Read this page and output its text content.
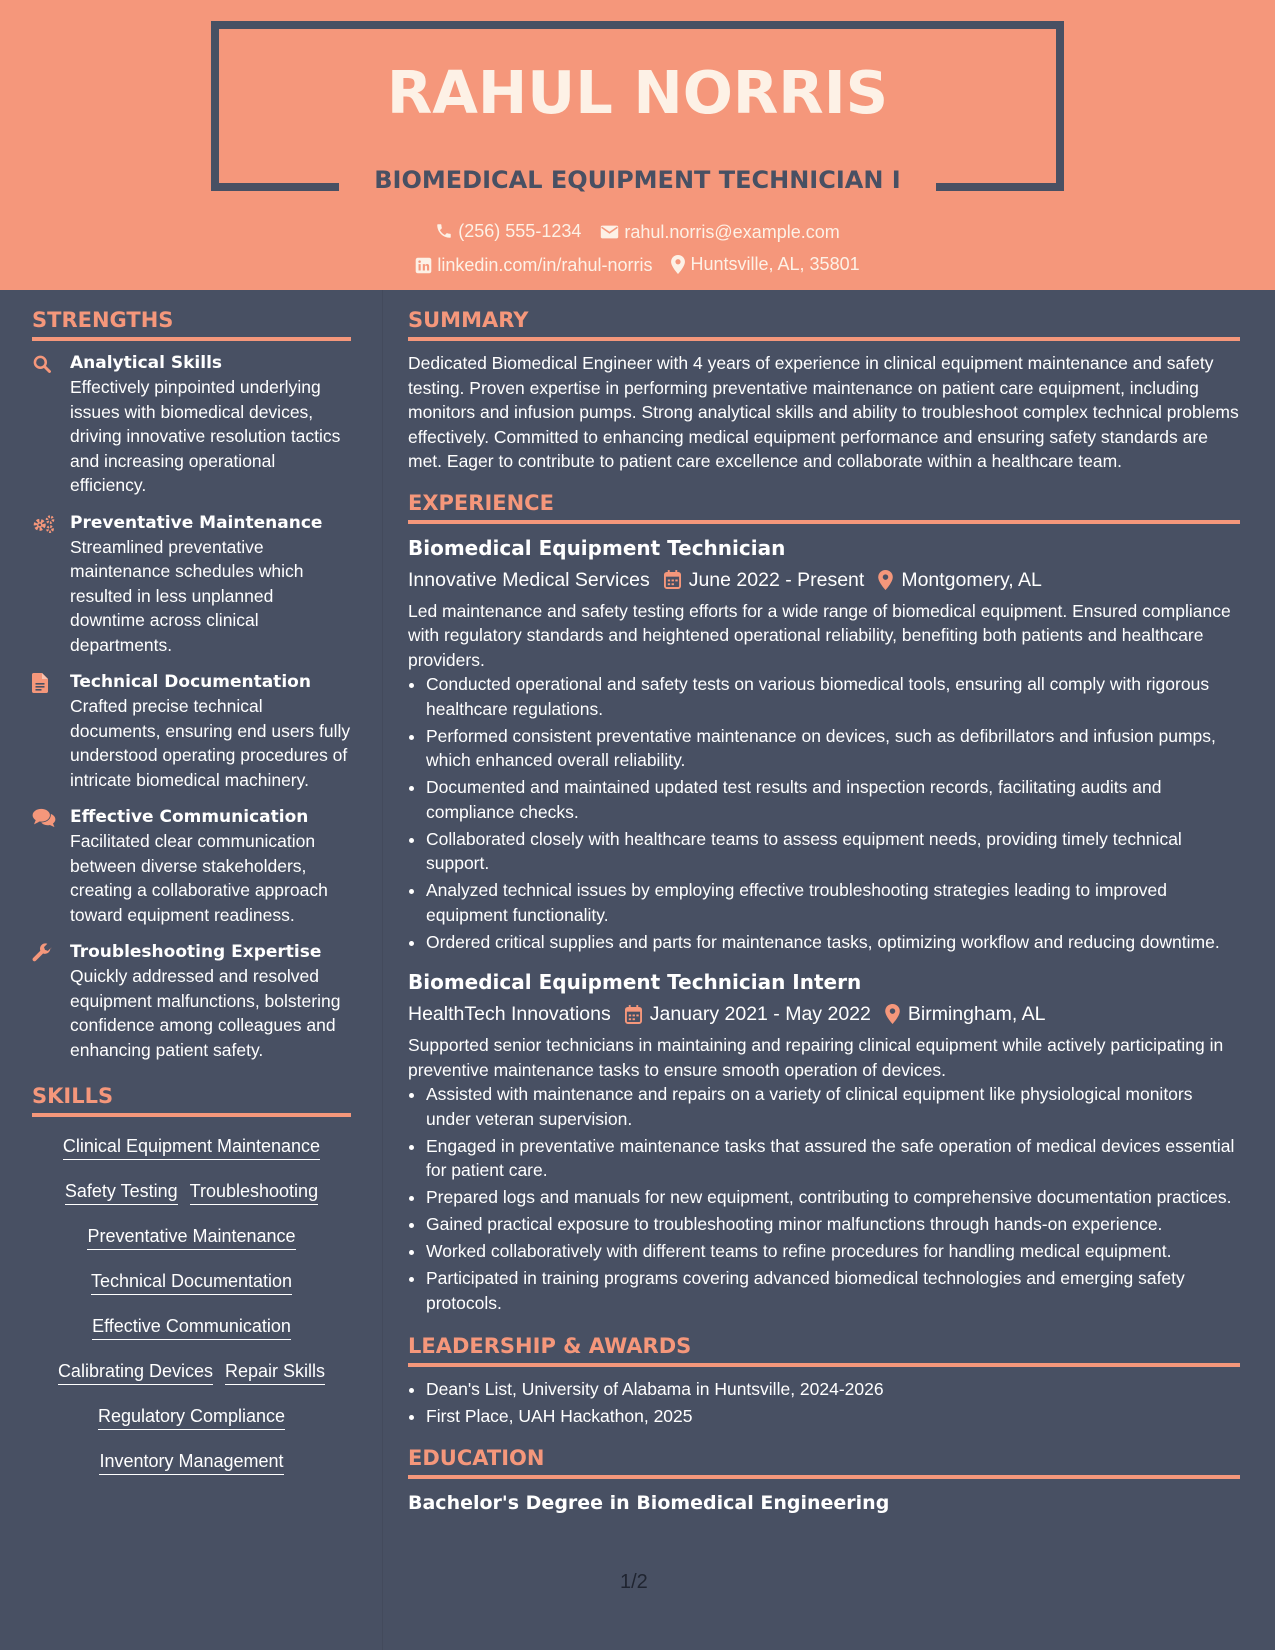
RAHUL NORRIS
BIOMEDICAL EQUIPMENT TECHNICIAN I
(256) 555-1234
rahul.norris@example.com
linkedin.com/in/rahul-norris
Huntsville, AL, 35801
STRENGTHS
Analytical Skills
Effectively pinpointed underlying issues with biomedical devices, driving innovative resolution tactics and increasing operational efficiency.
Preventative Maintenance
Streamlined preventative maintenance schedules which resulted in less unplanned downtime across clinical departments.
Technical Documentation
Crafted precise technical documents, ensuring end users fully understood operating procedures of intricate biomedical machinery.
Effective Communication
Facilitated clear communication between diverse stakeholders, creating a collaborative approach toward equipment readiness.
Troubleshooting Expertise
Quickly addressed and resolved equipment malfunctions, bolstering confidence among colleagues and enhancing patient safety.
SKILLS
Clinical Equipment Maintenance
Safety Testing Troubleshooting
Preventative Maintenance
Technical Documentation
Effective Communication
Calibrating Devices Repair Skills
Regulatory Compliance
Inventory Management
SUMMARY
Dedicated Biomedical Engineer with 4 years of experience in clinical equipment maintenance and safety testing. Proven expertise in performing preventative maintenance on patient care equipment, including monitors and infusion pumps. Strong analytical skills and ability to troubleshoot complex technical problems effectively. Committed to enhancing medical equipment performance and ensuring safety standards are met. Eager to contribute to patient care excellence and collaborate within a healthcare team.
EXPERIENCE
Biomedical Equipment Technician
Innovative Medical Services June 2022 - Present Montgomery, AL
Led maintenance and safety testing efforts for a wide range of biomedical equipment. Ensured compliance with regulatory standards and heightened operational reliability, benefiting both patients and healthcare providers.
• Conducted operational and safety tests on various biomedical tools, ensuring all comply with rigorous healthcare regulations.
• Performed consistent preventative maintenance on devices, such as defibrillators and infusion pumps, which enhanced overall reliability.
• Documented and maintained updated test results and inspection records, facilitating audits and compliance checks.
• Collaborated closely with healthcare teams to assess equipment needs, providing timely technical support.
• Analyzed technical issues by employing effective troubleshooting strategies leading to improved equipment functionality.
• Ordered critical supplies and parts for maintenance tasks, optimizing workflow and reducing downtime.
Biomedical Equipment Technician Intern
HealthTech Innovations January 2021 - May 2022 Birmingham, AL
Supported senior technicians in maintaining and repairing clinical equipment while actively participating in preventive maintenance tasks to ensure smooth operation of devices.
• Assisted with maintenance and repairs on a variety of clinical equipment like physiological monitors under veteran supervision.
• Engaged in preventative maintenance tasks that assured the safe operation of medical devices essential for patient care.
• Prepared logs and manuals for new equipment, contributing to comprehensive documentation practices.
• Gained practical exposure to troubleshooting minor malfunctions through hands-on experience.
• Worked collaboratively with different teams to refine procedures for handling medical equipment.
• Participated in training programs covering advanced biomedical technologies and emerging safety protocols.
LEADERSHIP & AWARDS
• Dean's List, University of Alabama in Huntsville, 2024-2026
• First Place, UAH Hackathon, 2025
EDUCATION
Bachelor's Degree in Biomedical Engineering
1/2
